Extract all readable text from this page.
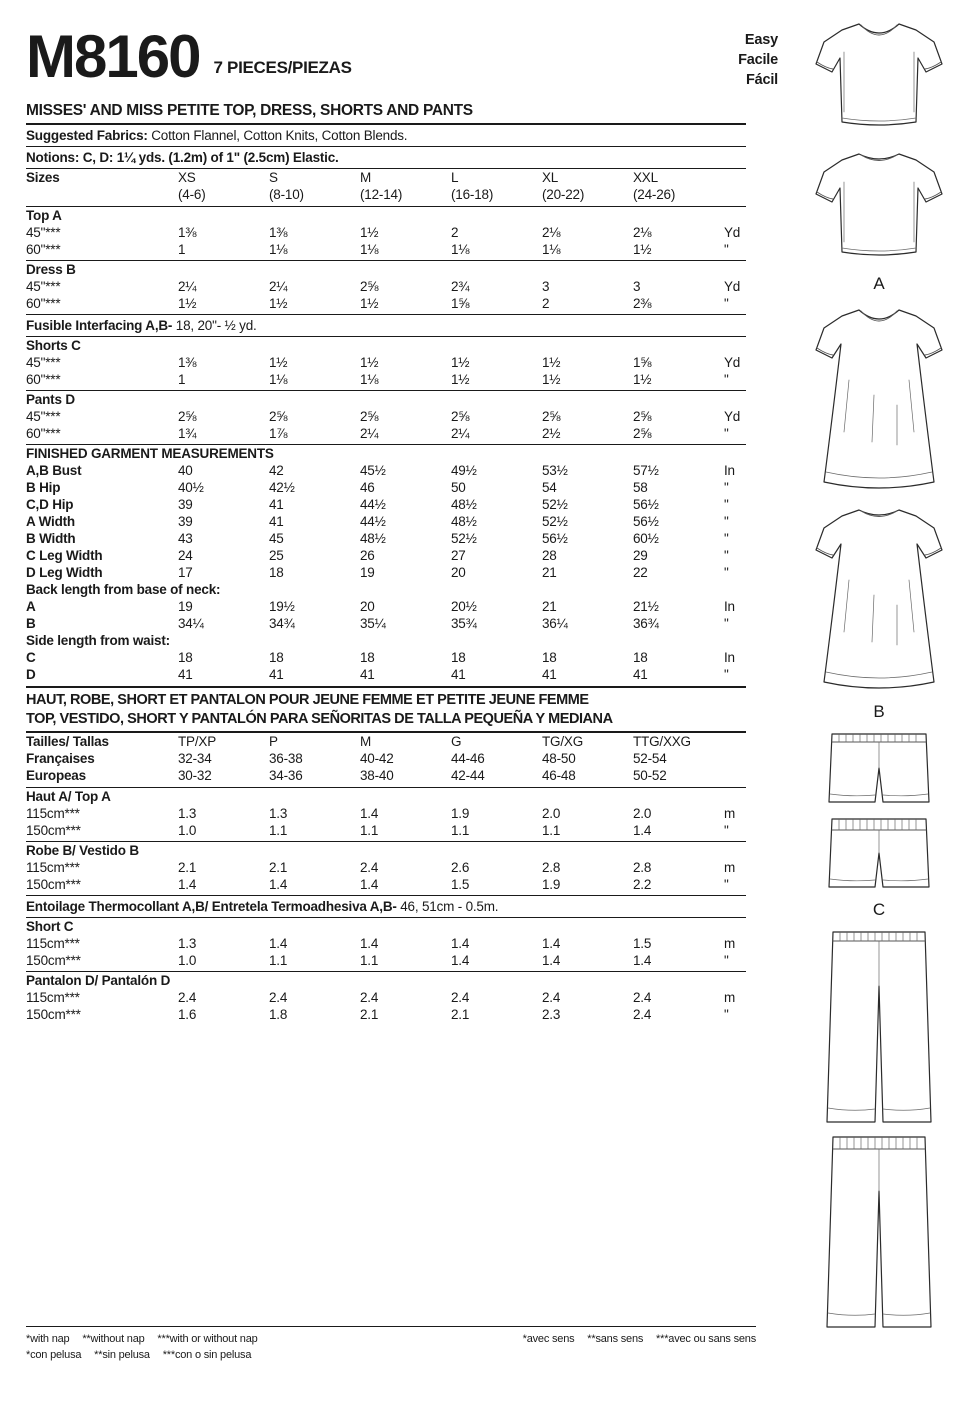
Easy
Facile
Fácil
M8160 7 PIECES/PIEZAS
MISSES' AND MISS PETITE TOP, DRESS, SHORTS AND PANTS
Suggested Fabrics: Cotton Flannel, Cotton Knits, Cotton Blends.
Notions: C, D: 1¼ yds. (1.2m) of 1" (2.5cm) Elastic.
Sizes	XS	S	M	L	XL	XXL	
	(4-6)	(8-10)	(12-14)	(16-18)	(20-22)	(24-26)	
Top A							
45"***	1⅜	1⅜	1½	2	2⅛	2⅛	Yd
60"***	1	1⅛	1⅛	1⅛	1⅛	1½	"
Dress B							
45"***	2¼	2¼	2⅝	2¾	3	3	Yd
60"***	1½	1½	1½	1⅝	2	2⅜	"
Fusible Interfacing A,B- 18, 20"- ½ yd.
Shorts C							
45"***	1⅜	1½	1½	1½	1½	1⅝	Yd
60"***	1	1⅛	1⅛	1½	1½	1½	"
Pants D							
45"***	2⅝	2⅝	2⅝	2⅝	2⅝	2⅝	Yd
60"***	1¾	1⅞	2¼	2¼	2½	2⅝	"
FINISHED GARMENT MEASUREMENTS							
A,B Bust	40	42	45½	49½	53½	57½	In
B Hip	40½	42½	46	50	54	58	"
C,D Hip	39	41	44½	48½	52½	56½	"
A Width	39	41	44½	48½	52½	56½	"
B Width	43	45	48½	52½	56½	60½	"
C Leg Width	24	25	26	27	28	29	"
D Leg Width	17	18	19	20	21	22	"
Back length from base of neck:							
A	19	19½	20	20½	21	21½	In
B	34¼	34¾	35¼	35¾	36¼	36¾	"
Side length from waist:							
C	18	18	18	18	18	18	In
D	41	41	41	41	41	41	"
HAUT, ROBE, SHORT ET PANTALON POUR JEUNE FEMME ET PETITE JEUNE FEMME
TOP, VESTIDO, SHORT Y PANTALÓN PARA SEÑORITAS DE TALLA PEQUEÑA Y MEDIANA
Tailles/ Tallas	TP/XP	P	M	G	TG/XG	TTG/XXG	
Françaises	32-34	36-38	40-42	44-46	48-50	52-54	
Europeas	30-32	34-36	38-40	42-44	46-48	50-52	
Haut A/ Top A							
115cm***	1.3	1.3	1.4	1.9	2.0	2.0	m
150cm***	1.0	1.1	1.1	1.1	1.1	1.4	"
Robe B/ Vestido B							
115cm***	2.1	2.1	2.4	2.6	2.8	2.8	m
150cm***	1.4	1.4	1.4	1.5	1.9	2.2	"
Entoilage Thermocollant A,B/ Entretela Termoadhesiva A,B- 46, 51cm - 0.5m.
Short C							
115cm***	1.3	1.4	1.4	1.4	1.4	1.5	m
150cm***	1.0	1.1	1.1	1.4	1.4	1.4	"
Pantalon D/ Pantalón D							
115cm***	2.4	2.4	2.4	2.4	2.4	2.4	m
150cm***	1.6	1.8	2.1	2.1	2.3	2.4	"
*with nap **without nap ***with or without nap	*avec sens **sans sens ***avec ou sans sens
*con pelusa **sin pelusa ***con o sin pelusa
A
B
C
